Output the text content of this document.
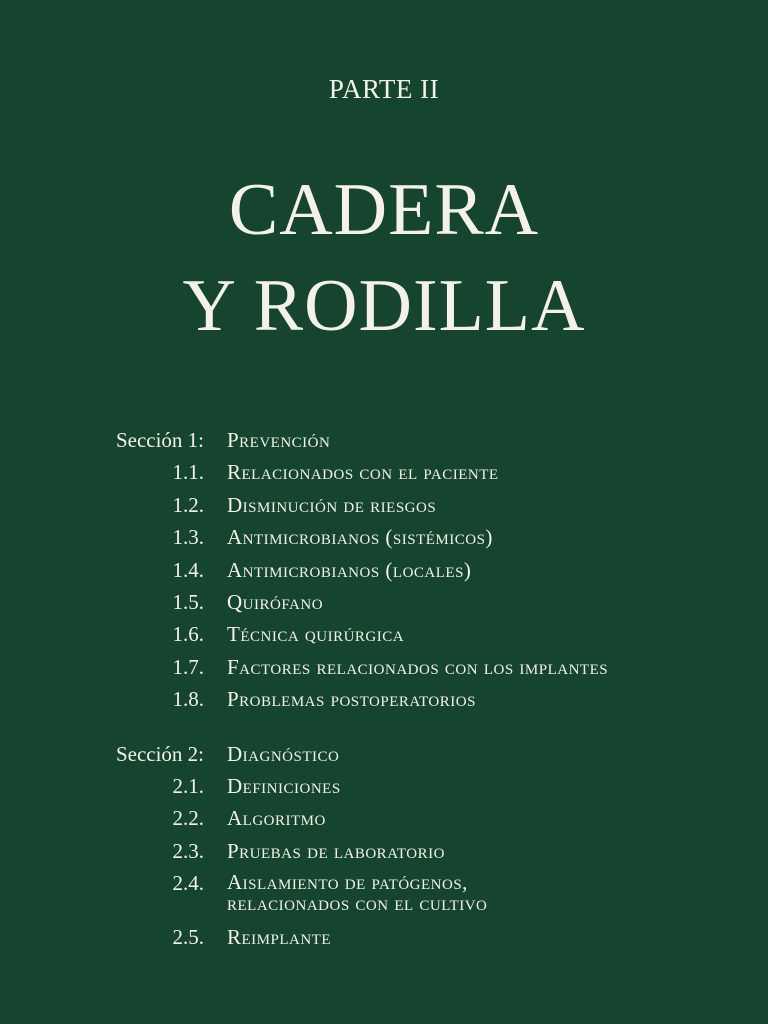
PARTE II
CADERA
Y RODILLA
Sección 1: Prevención
1.1. Relacionados con el paciente
1.2. Disminución de riesgos
1.3. Antimicrobianos (sistémicos)
1.4. Antimicrobianos (locales)
1.5. Quirófano
1.6. Técnica quirúrgica
1.7. Factores relacionados con los implantes
1.8. Problemas postoperatorios
Sección 2: Diagnóstico
2.1. Definiciones
2.2. Algoritmo
2.3. Pruebas de laboratorio
2.4. Aislamiento de patógenos,
relacionados con el cultivo
2.5. Reimplante
